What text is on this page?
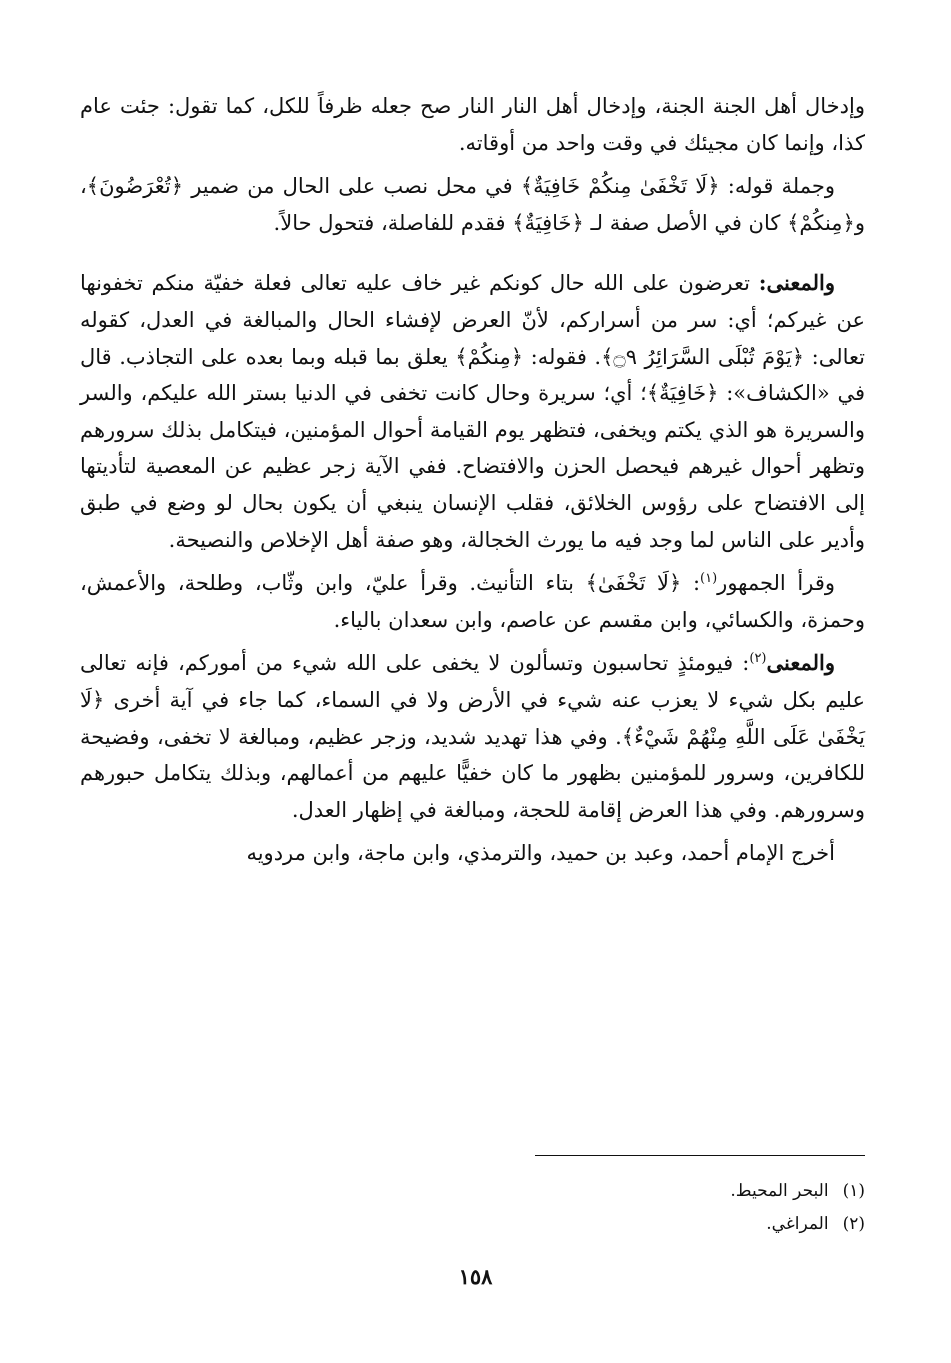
وإدخال أهل الجنة الجنة، وإدخال أهل النار النار صح جعله ظرفاً للكل، كما تقول: جئت عام كذا، وإنما كان مجيئك في وقت واحد من أوقاته.

وجملة قوله: ﴿لَا تَخْفَىٰ مِنكُمْ خَافِيَةٌ﴾ في محل نصب على الحال من ضمير ﴿تُعْرَضُونَ﴾، و﴿مِنكُمْ﴾ كان في الأصل صفة لـ ﴿خَافِيَةٌ﴾ فقدم للفاصلة، فتحول حالاً.

والمعنى: تعرضون على الله حال كونكم غير خاف عليه تعالى فعلة خفيّة منكم تخفونها عن غيركم؛ أي: سر من أسراركم، لأنّ العرض لإفشاء الحال والمبالغة في العدل، كقوله تعالى: ﴿يَوْمَ تُبْلَى السَّرَائِرُ ۝٩﴾. فقوله: ﴿مِنكُمْ﴾ يعلق بما قبله وبما بعده على التجاذب. قال في «الكشاف»: ﴿خَافِيَةٌ﴾؛ أي؛ سريرة وحال كانت تخفى في الدنيا بستر الله عليكم، والسر والسريرة هو الذي يكتم ويخفى، فتظهر يوم القيامة أحوال المؤمنين، فيتكامل بذلك سرورهم وتظهر أحوال غيرهم فيحصل الحزن والافتضاح. ففي الآية زجر عظيم عن المعصية لتأديتها إلى الافتضاح على رؤوس الخلائق، فقلب الإنسان ينبغي أن يكون بحال لو وضع في طبق وأدير على الناس لما وجد فيه ما يورث الخجالة، وهو صفة أهل الإخلاص والنصيحة.

وقرأ الجمهور$^{(١)}$: ﴿لَا تَخْفَىٰ﴾ بتاء التأنيث. وقرأ عليّ، وابن وثّاب، وطلحة، والأعمش، وحمزة، والكسائي، وابن مقسم عن عاصم، وابن سعدان بالياء.

والمعنى$^{(٢)}$: فيومئذٍ تحاسبون وتسألون لا يخفى على الله شيء من أموركم، فإنه تعالى عليم بكل شيء لا يعزب عنه شيء في الأرض ولا في السماء، كما جاء في آية أخرى ﴿لَا يَخْفَىٰ عَلَى اللَّهِ مِنْهُمْ شَيْءٌ﴾. وفي هذا تهديد شديد، وزجر عظيم، ومبالغة لا تخفى، وفضيحة للكافرين، وسرور للمؤمنين بظهور ما كان خفيًّا عليهم من أعمالهم، وبذلك يتكامل حبورهم وسرورهم. وفي هذا العرض إقامة للحجة، ومبالغة في إظهار العدل.

أخرج الإمام أحمد، وعبد بن حميد، والترمذي، وابن ماجة، وابن مردويه

(١)
البحر المحيط.

(٢)
المراغي.

١٥٨
